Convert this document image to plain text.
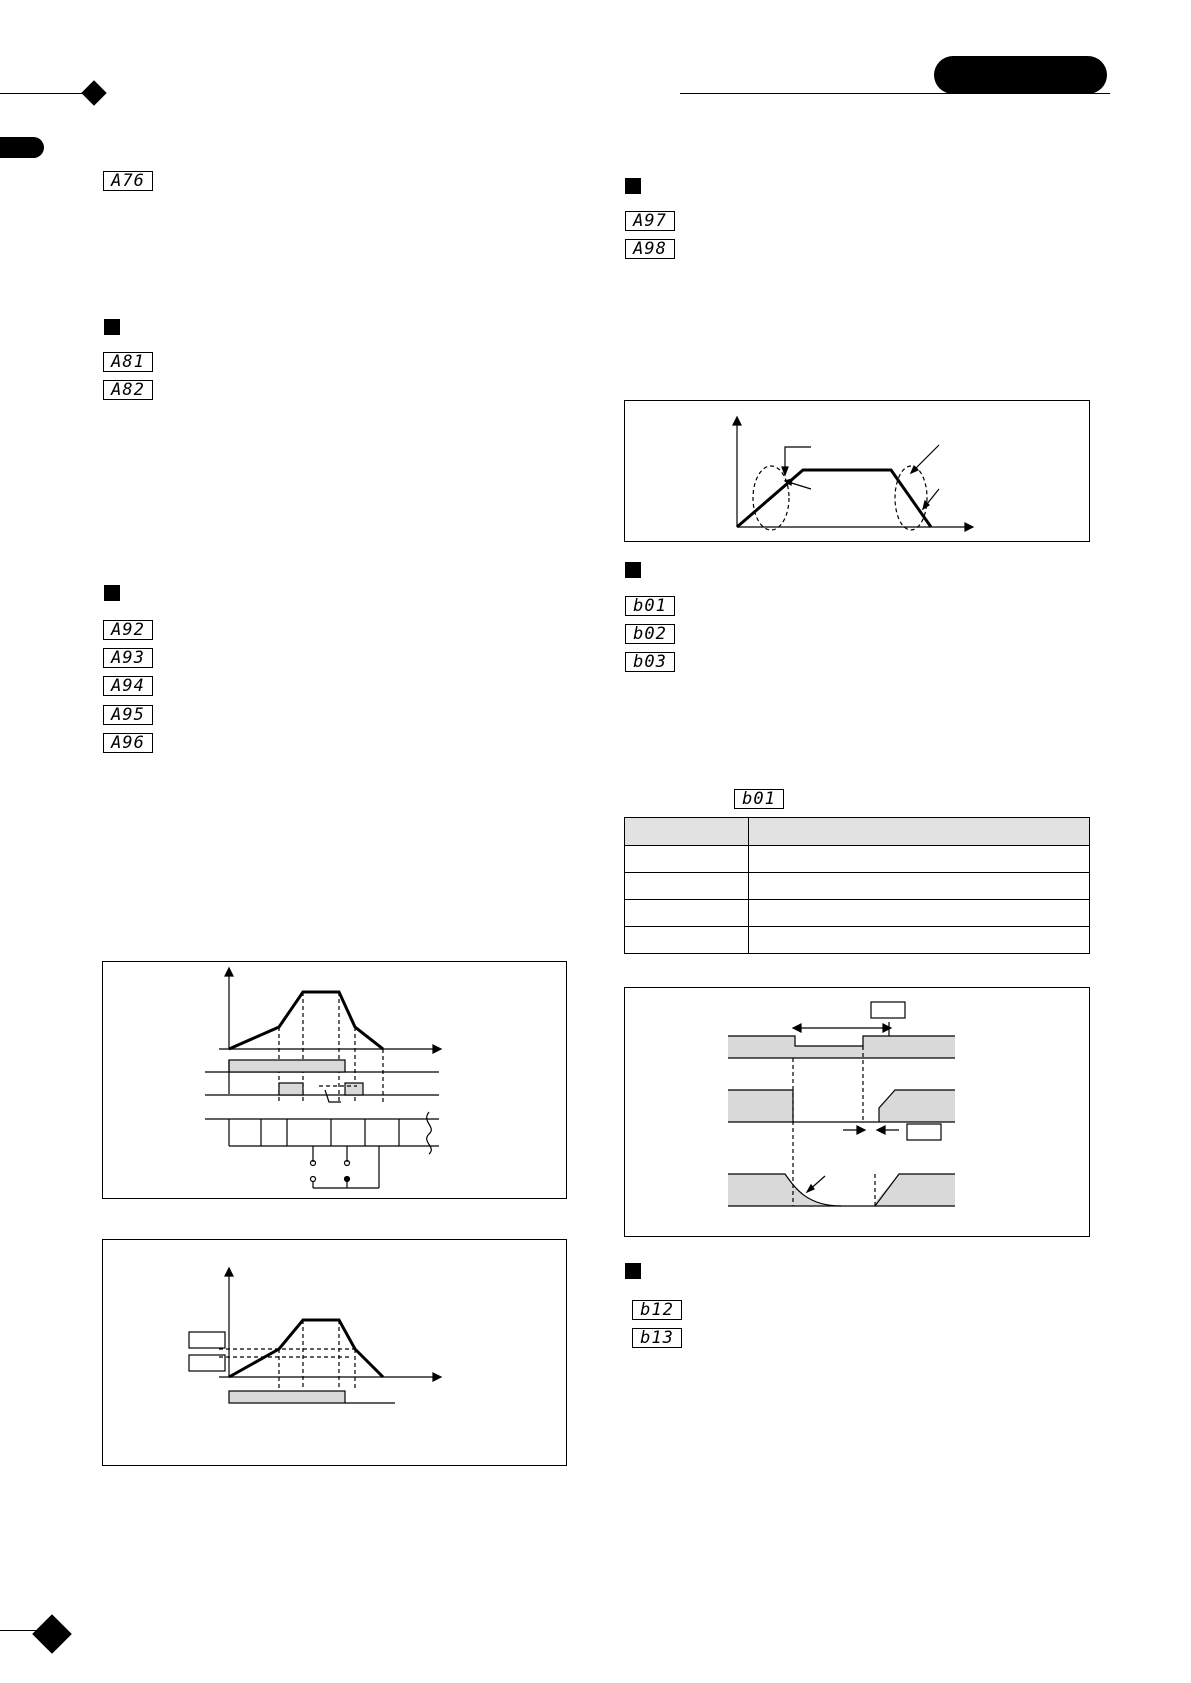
A76
A81
A82
A92
A93
A94
A95
A96
A97
A98
b01
b02
b03
b01

b12
b13
